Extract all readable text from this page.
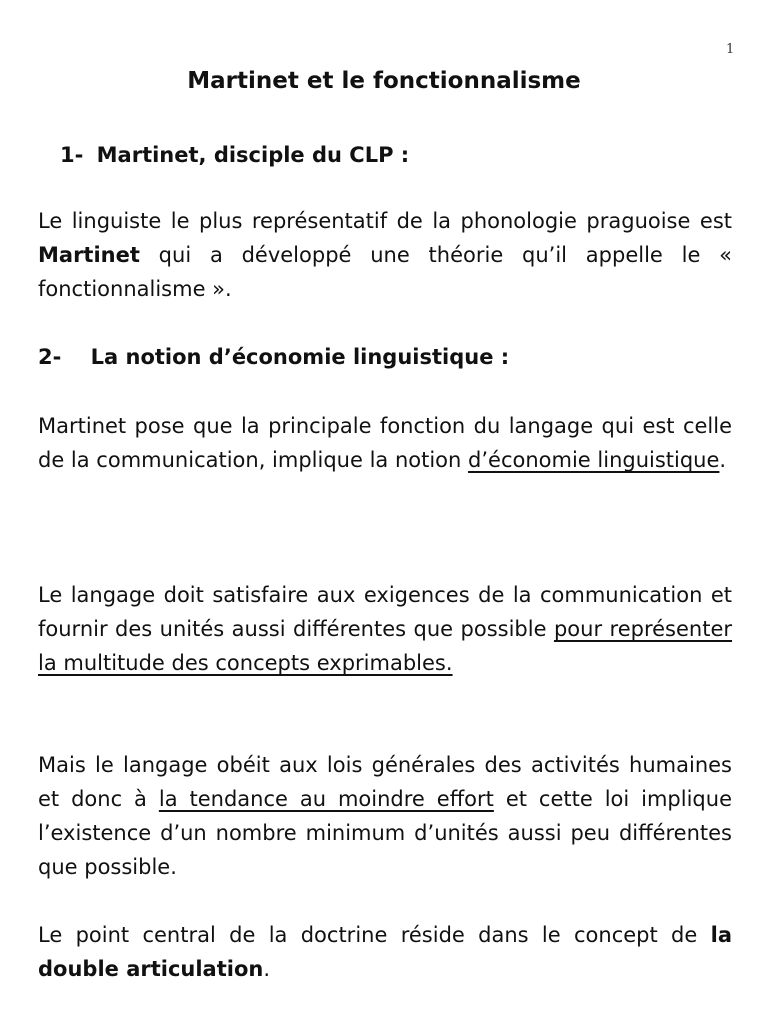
1
Martinet et le fonctionnalisme
1- Martinet, disciple du CLP :

Le linguiste le plus représentatif de la phonologie praguoise est Martinet qui a développé une théorie qu’il appelle le « fonctionnalisme ».

2- La notion d’économie linguistique :

Martinet pose que la principale fonction du langage qui est celle de la communication, implique la notion d’économie linguistique.

Le langage doit satisfaire aux exigences de la communication et fournir des unités aussi différentes que possible pour représenter la multitude des concepts exprimables.

Mais le langage obéit aux lois générales des activités humaines et donc à la tendance au moindre effort et cette loi implique l’existence d’un nombre minimum d’unités aussi peu différentes que possible.

Le point central de la doctrine réside dans le concept de la double articulation.
